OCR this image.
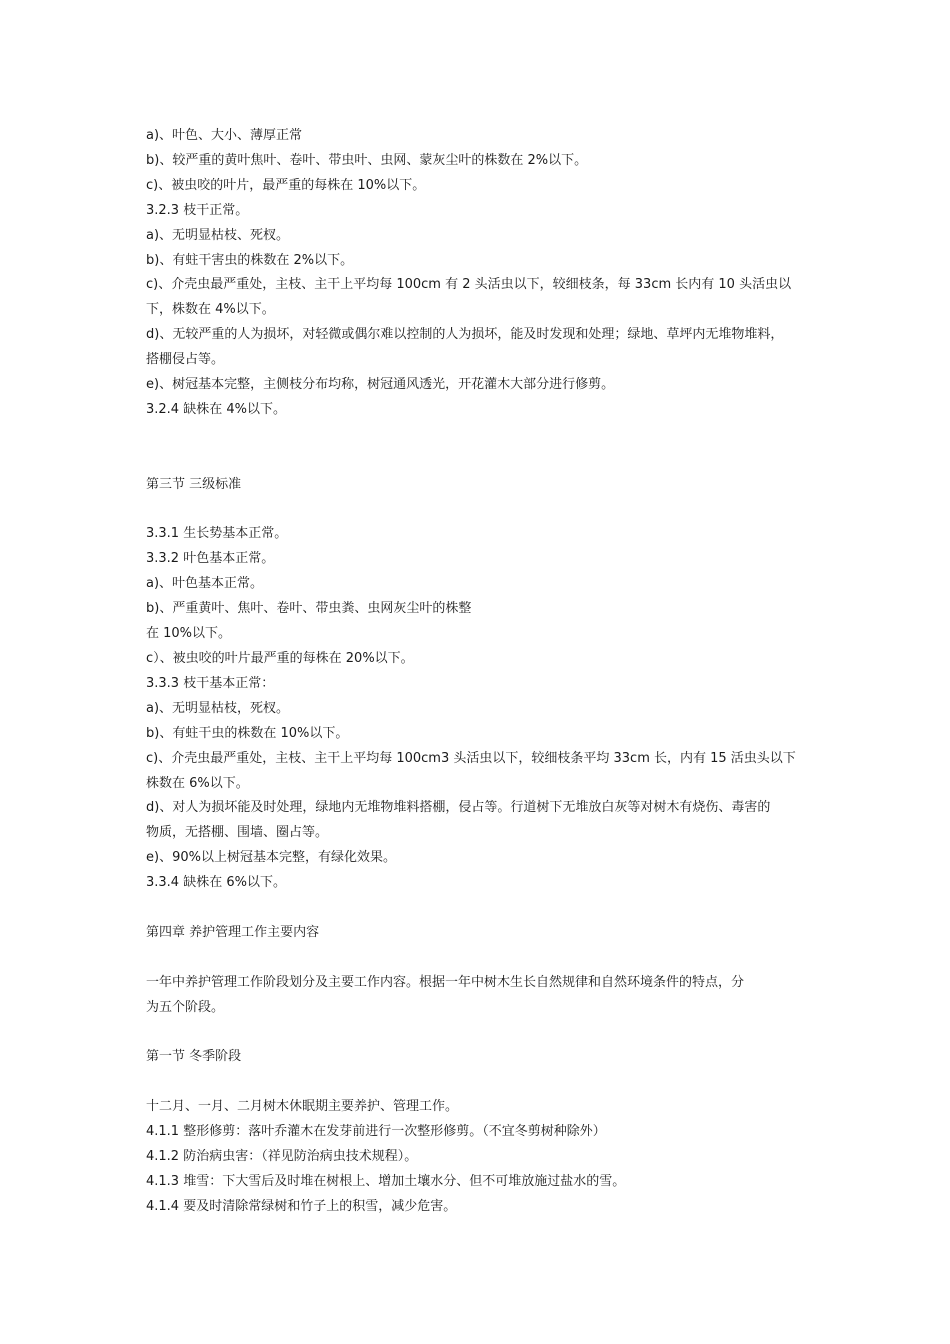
a)、叶色、大小、薄厚正常
b)、较严重的黄叶焦叶、卷叶、带虫叶、虫网、蒙灰尘叶的株数在 2%以下。
c)、被虫咬的叶片，最严重的每株在 10%以下。
3.2.3 枝干正常。
a)、无明显枯枝、死杈。
b)、有蛀干害虫的株数在 2%以下。
c)、介壳虫最严重处，主枝、主干上平均每 100cm 有 2 头活虫以下，较细枝条，每 33cm 长内有 10 头活虫以
下，株数在 4%以下。
d)、无较严重的人为损坏，对轻微或偶尔难以控制的人为损坏，能及时发现和处理；绿地、草坪内无堆物堆料，
搭棚侵占等。
e)、树冠基本完整，主侧枝分布均称，树冠通风透光，开花灌木大部分进行修剪。
3.2.4 缺株在 4%以下。
第三节 三级标准
3.3.1 生长势基本正常。
3.3.2 叶色基本正常。
a)、叶色基本正常。
b)、严重黄叶、焦叶、卷叶、带虫粪、虫网灰尘叶的株整
在 10%以下。
c）、被虫咬的叶片最严重的每株在 20%以下。
3.3.3 枝干基本正常：
a)、无明显枯枝，死杈。
b)、有蛀干虫的株数在 10%以下。
c)、介壳虫最严重处，主枝、主干上平均每 100cm3 头活虫以下，较细枝条平均 33cm 长，内有 15 活虫头以下
株数在 6%以下。
d)、对人为损坏能及时处理，绿地内无堆物堆料搭棚，侵占等。行道树下无堆放白灰等对树木有烧伤、毒害的
物质，无搭棚、围墙、圈占等。
e)、90%以上树冠基本完整，有绿化效果。
3.3.4 缺株在 6%以下。
第四章 养护管理工作主要内容
一年中养护管理工作阶段划分及主要工作内容。根据一年中树木生长自然规律和自然环境条件的特点，分
为五个阶段。
第一节 冬季阶段
十二月、一月、二月树木休眠期主要养护、管理工作。
4.1.1 整形修剪：落叶乔灌木在发芽前进行一次整形修剪。（不宜冬剪树种除外）
4.1.2 防治病虫害：（祥见防治病虫技术规程）。
4.1.3 堆雪：下大雪后及时堆在树根上、增加土壤水分、但不可堆放施过盐水的雪。
4.1.4 要及时清除常绿树和竹子上的积雪，减少危害。
